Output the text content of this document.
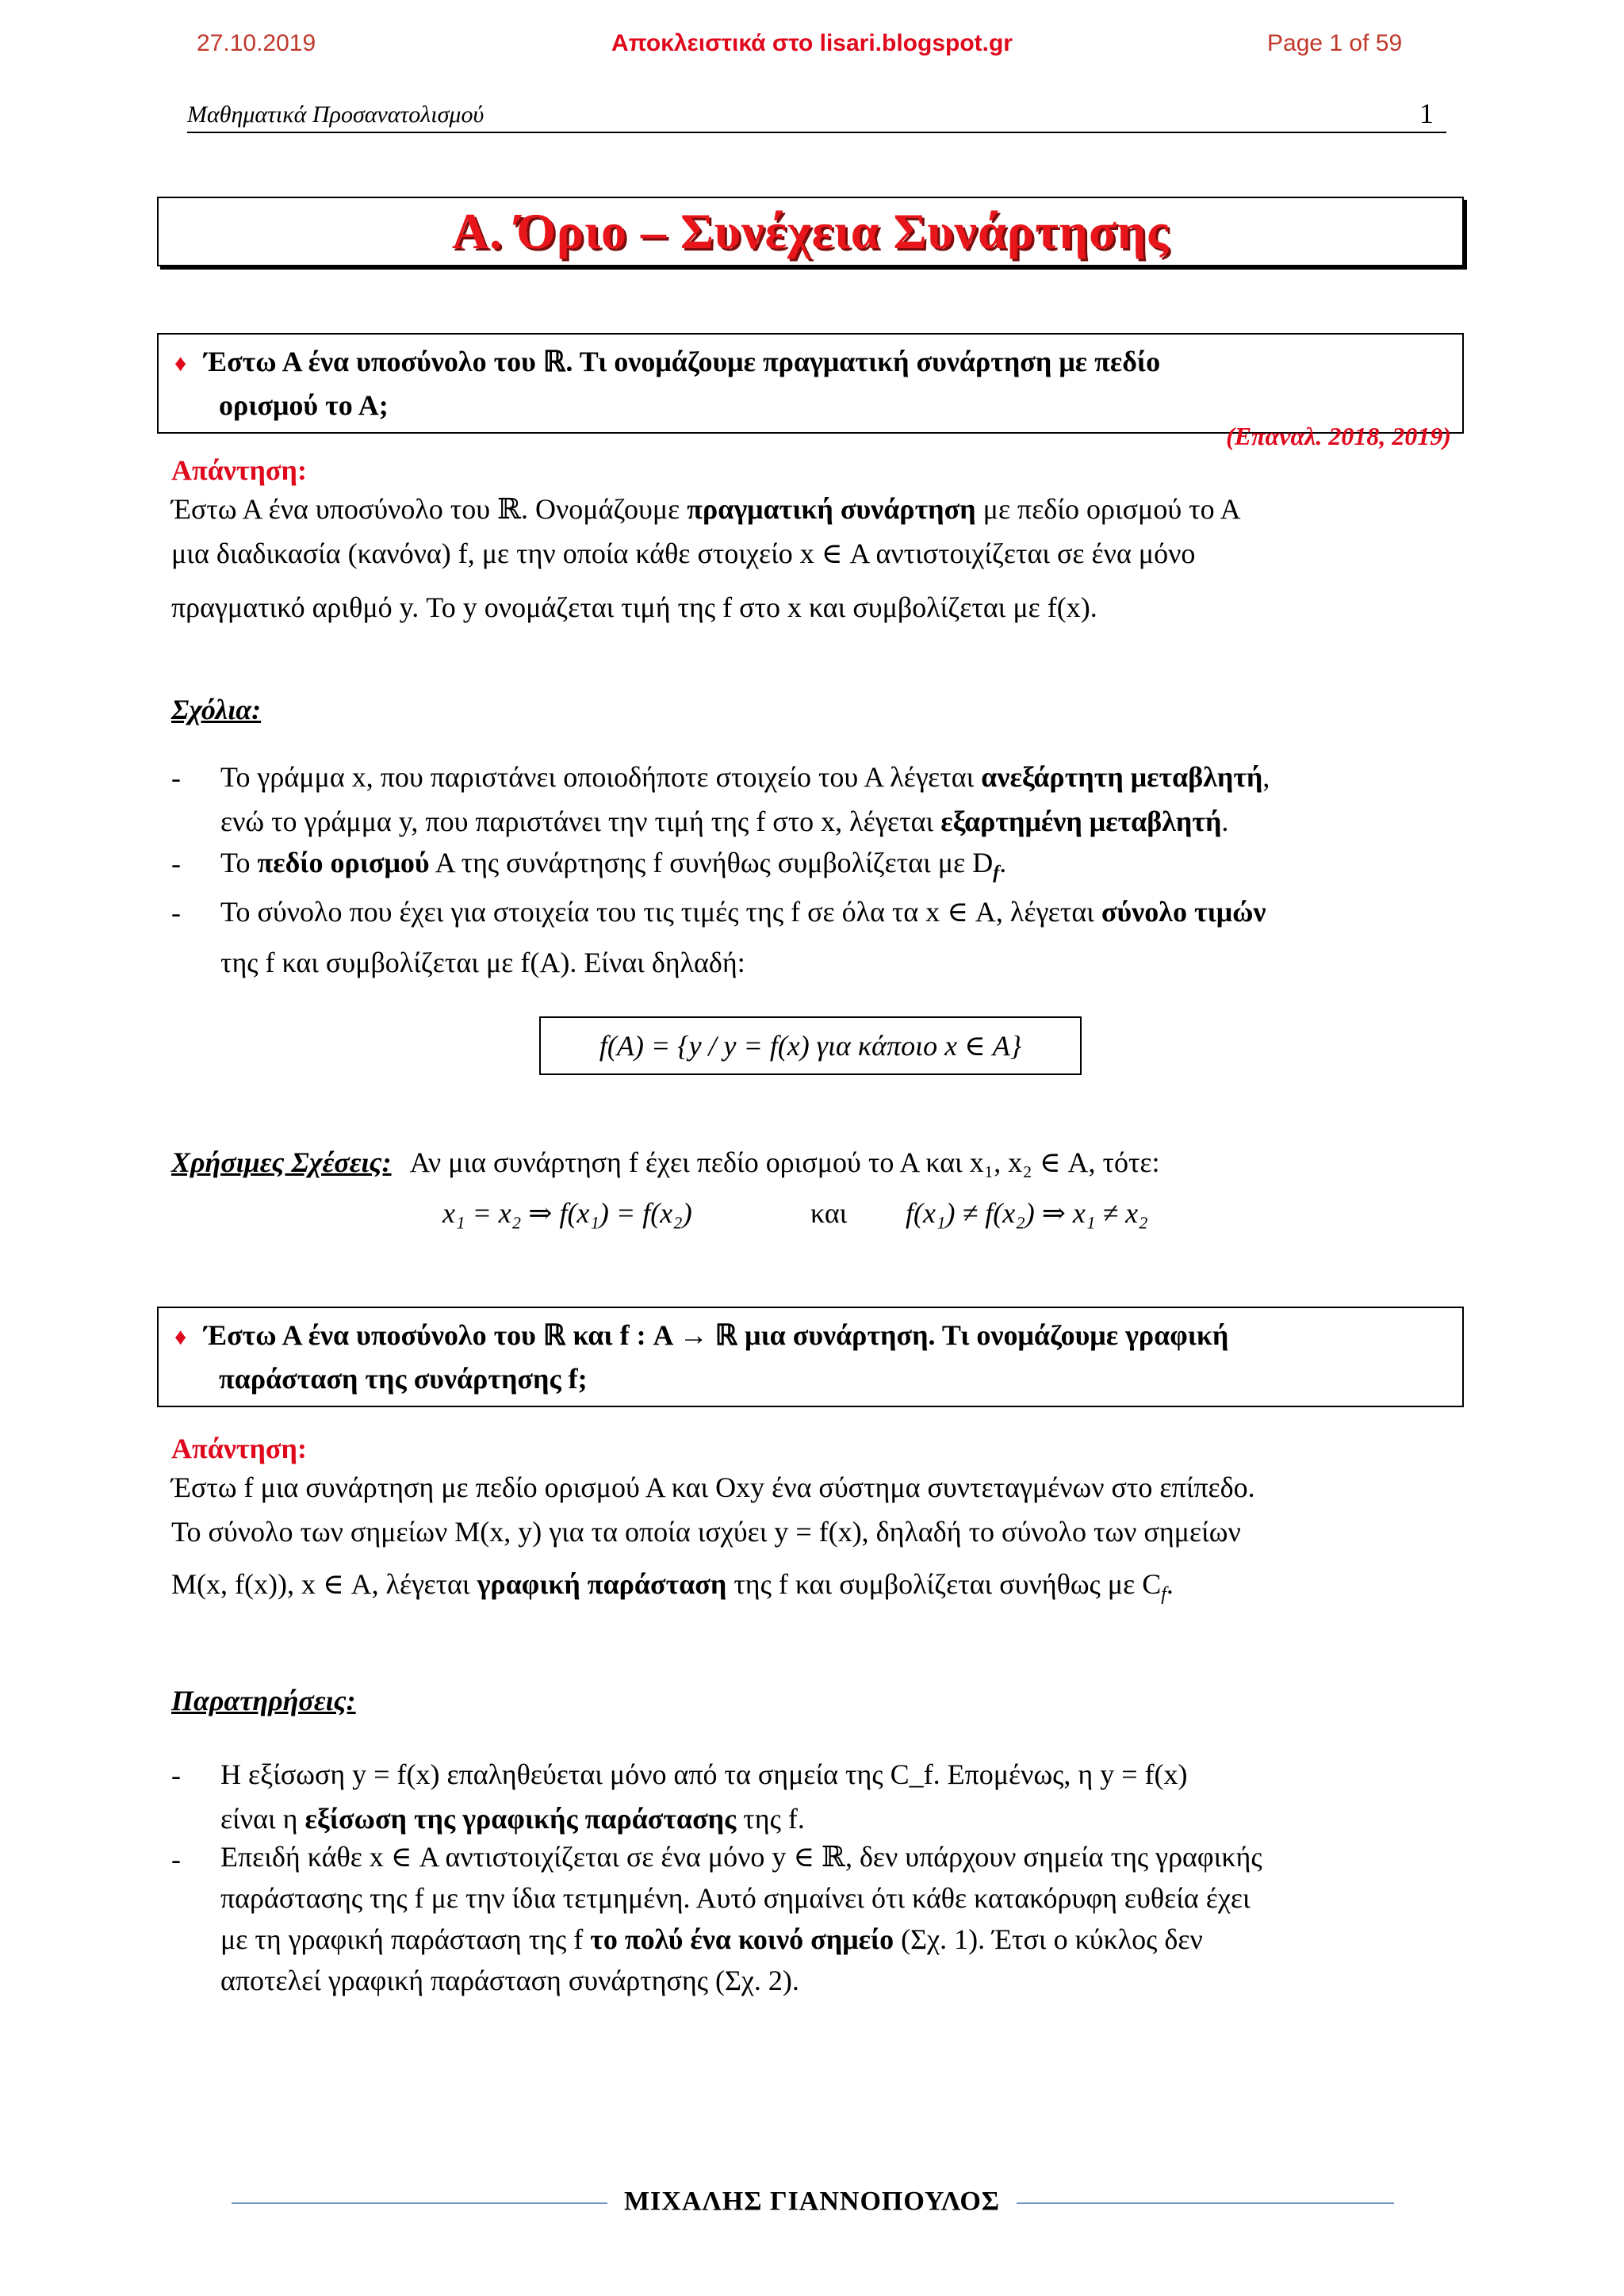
27.10.2019	Αποκλειστικά στο lisari.blogspot.gr	Page 1 of 59
Μαθηματικά Προσανατολισμού	1
Α. Όριο – Συνέχεια Συνάρτησης
♦ Έστω Α ένα υποσύνολο του ℝ. Τι ονομάζουμε πραγματική συνάρτηση με πεδίο
ορισμού το Α;
(Επαναλ. 2018, 2019)
Απάντηση:
Έστω Α ένα υποσύνολο του ℝ. Ονομάζουμε πραγματική συνάρτηση με πεδίο ορισμού το Α
μια διαδικασία (κανόνα) f, με την οποία κάθε στοιχείο x ∈ Α αντιστοιχίζεται σε ένα μόνο
πραγματικό αριθμό y. Το y ονομάζεται τιμή της f στο x και συμβολίζεται με f(x).
Σχόλια:
- Το γράμμα x, που παριστάνει οποιοδήποτε στοιχείο του Α λέγεται ανεξάρτητη μεταβλητή,
ενώ το γράμμα y, που παριστάνει την τιμή της f στο x, λέγεται εξαρτημένη μεταβλητή.
- Το πεδίο ορισμού Α της συνάρτησης f συνήθως συμβολίζεται με $D_f$.
- Το σύνολο που έχει για στοιχεία του τις τιμές της f σε όλα τα x ∈ Α, λέγεται σύνολο τιμών
της f και συμβολίζεται με f(Α). Είναι δηλαδή:
f(Α) = {y / y = f(x) για κάποιο x ∈ Α}
Χρήσιμες Σχέσεις: Αν μια συνάρτηση f έχει πεδίο ορισμού το Α και x₁, x₂ ∈ Α, τότε:
x₁ = x₂ ⇒ f(x₁) = f(x₂)	και f(x₁) ≠ f(x₂) ⇒ x₁ ≠ x₂
♦ Έστω Α ένα υποσύνολο του ℝ και f : Α → ℝ μια συνάρτηση. Τι ονομάζουμε γραφική
παράσταση της συνάρτησης f;
Απάντηση:
Έστω f μια συνάρτηση με πεδίο ορισμού Α και Oxy ένα σύστημα συντεταγμένων στο επίπεδο.
Το σύνολο των σημείων Μ(x, y) για τα οποία ισχύει y = f(x), δηλαδή το σύνολο των σημείων
Μ(x, f(x)), x ∈ Α, λέγεται γραφική παράσταση της f και συμβολίζεται συνήθως με $C_f$.
Παρατηρήσεις:
- Η εξίσωση y = f(x) επαληθεύεται μόνο από τα σημεία της C_f. Επομένως, η y = f(x)
είναι η εξίσωση της γραφικής παράστασης της f.
- Επειδή κάθε x ∈ Α αντιστοιχίζεται σε ένα μόνο y ∈ ℝ, δεν υπάρχουν σημεία της γραφικής
παράστασης της f με την ίδια τετμημένη. Αυτό σημαίνει ότι κάθε κατακόρυφη ευθεία έχει
με τη γραφική παράσταση της f το πολύ ένα κοινό σημείο (Σχ. 1). Έτσι ο κύκλος δεν
αποτελεί γραφική παράσταση συνάρτησης (Σχ. 2).
ΜΙΧΑΛΗΣ ΓΙΑΝΝΟΠΟΥΛΟΣ
